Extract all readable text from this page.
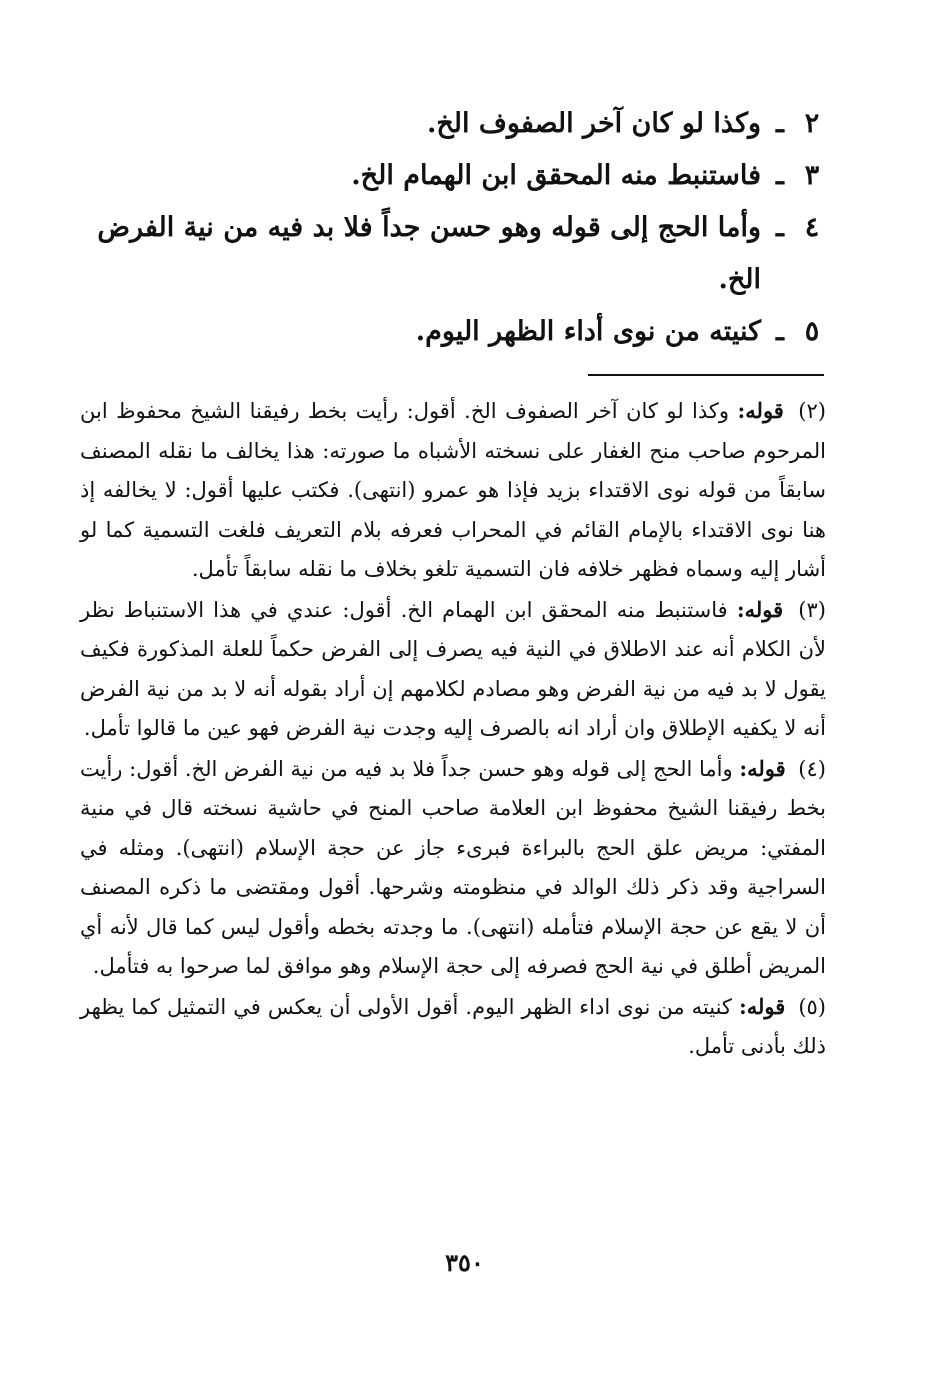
٢
ـ
وكذا لو كان آخر الصفوف الخ.
٣
ـ
فاستنبط منه المحقق ابن الهمام الخ.
٤
ـ
وأما الحج إلى قوله وهو حسن جداً فلا بد فيه من نية الفرض الخ.
٥
ـ
كنيته من نوى أداء الظهر اليوم.

(٢) قوله: وكذا لو كان آخر الصفوف الخ. أقول: رأيت بخط رفيقنا الشيخ محفوظ ابن المرحوم صاحب منح الغفار على نسخته الأشباه ما صورته: هذا يخالف ما نقله المصنف سابقاً من قوله نوى الاقتداء بزيد فإذا هو عمرو (انتهى). فكتب عليها أقول: لا يخالفه إذ هنا نوى الاقتداء بالإمام القائم في المحراب فعرفه بلام التعريف فلغت التسمية كما لو أشار إليه وسماه فظهر خلافه فان التسمية تلغو بخلاف ما نقله سابقاً تأمل.

(٣) قوله: فاستنبط منه المحقق ابن الهمام الخ. أقول: عندي في هذا الاستنباط نظر لأن الكلام أنه عند الاطلاق في النية فيه يصرف إلى الفرض حكماً للعلة المذكورة فكيف يقول لا بد فيه من نية الفرض وهو مصادم لكلامهم إن أراد بقوله أنه لا بد من نية الفرض أنه لا يكفيه الإطلاق وان أراد انه بالصرف إليه وجدت نية الفرض فهو عين ما قالوا تأمل.

(٤) قوله: وأما الحج إلى قوله وهو حسن جداً فلا بد فيه من نية الفرض الخ. أقول: رأيت بخط رفيقنا الشيخ محفوظ ابن العلامة صاحب المنح في حاشية نسخته قال في منية المفتي: مريض علق الحج بالبراءة فبرىء جاز عن حجة الإسلام (انتهى). ومثله في السراجية وقد ذكر ذلك الوالد في منظومته وشرحها. أقول ومقتضى ما ذكره المصنف أن لا يقع عن حجة الإسلام فتأمله (انتهى). ما وجدته بخطه وأقول ليس كما قال لأنه أي المريض أطلق في نية الحج فصرفه إلى حجة الإسلام وهو موافق لما صرحوا به فتأمل.

(٥) قوله: كنيته من نوى اداء الظهر اليوم. أقول الأولى أن يعكس في التمثيل كما يظهر ذلك بأدنى تأمل.

٣٥٠
